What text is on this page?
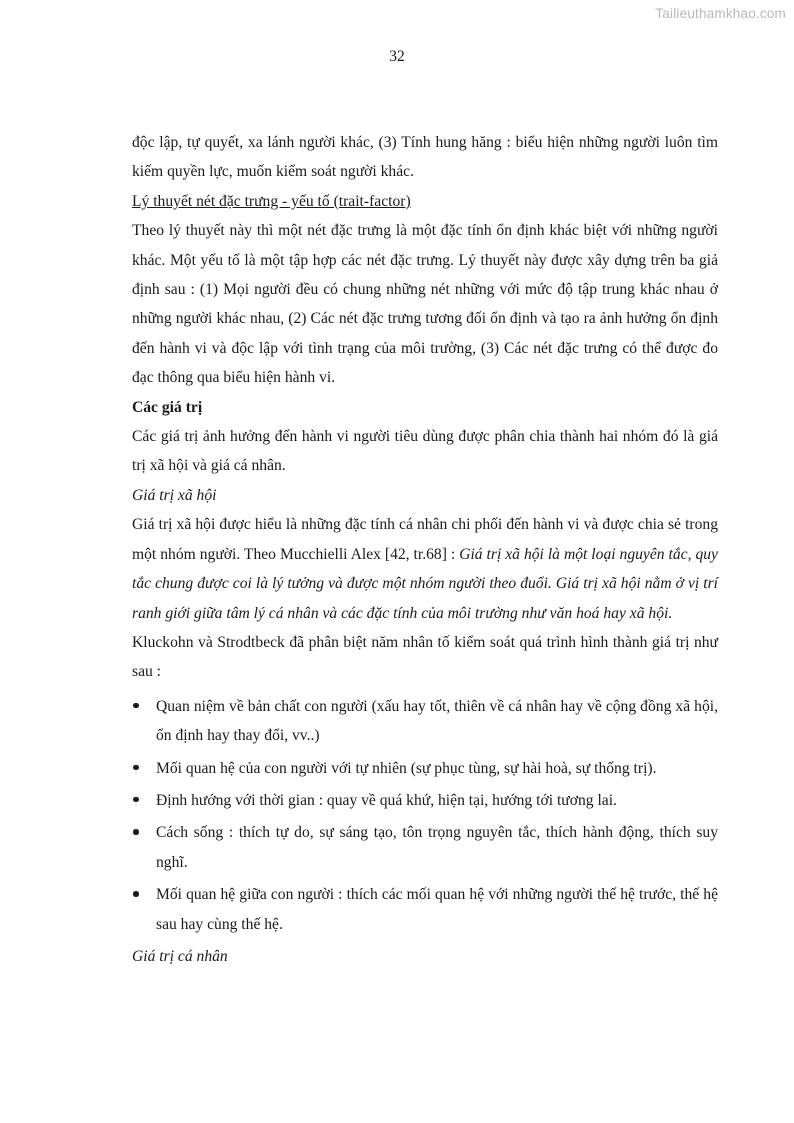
Tailieuthamkhao.com
32

độc lập, tự quyết, xa lánh người khác, (3) Tính hung hăng : biểu hiện những người luôn tìm kiếm quyền lực, muốn kiểm soát người khác.

Lý thuyết nét đặc trưng - yếu tố (trait-factor)

Theo lý thuyết này thì một nét đặc trưng là một đặc tính ổn định khác biệt với những người khác. Một yếu tố là một tập hợp các nét đặc trưng. Lý thuyết này được xây dựng trên ba giả định sau : (1) Mọi người đều có chung những nét những với mức độ tập trung khác nhau ở những người khác nhau, (2) Các nét đặc trưng tương đối ổn định và tạo ra ảnh hưởng ổn định đến hành vi và độc lập với tình trạng của môi trường, (3) Các nét đặc trưng có thể được đo đạc thông qua biểu hiện hành vi.

Các giá trị

Các giá trị ảnh hưởng đến hành vi người tiêu dùng được phân chia thành hai nhóm đó là giá trị xã hội và giá cá nhân.

Giá trị xã hội

Giá trị xã hội được hiểu là những đặc tính cá nhân chi phối đến hành vi và được chia sẻ trong một nhóm người. Theo Mucchielli Alex [42, tr.68] : Giá trị xã hội là một loại nguyên tắc, quy tắc chung được coi là lý tưởng và được một nhóm người theo đuổi. Giá trị xã hội nằm ở vị trí ranh giới giữa tâm lý cá nhân và các đặc tính của môi trường như văn hoá hay xã hội.

Kluckohn và Strodtbeck đã phân biệt năm nhân tố kiểm soát quá trình hình thành giá trị như sau :

Quan niệm về bản chất con người (xấu hay tốt, thiên về cá nhân hay về cộng đồng xã hội, ổn định hay thay đổi, vv..)
Mối quan hệ của con người với tự nhiên (sự phục tùng, sự hài hoà, sự thống trị).
Định hướng với thời gian : quay về quá khứ, hiện tại, hướng tới tương lai.
Cách sống : thích tự do, sự sáng tạo, tôn trọng nguyên tắc, thích hành động, thích suy nghĩ.
Mối quan hệ giữa con người : thích các mối quan hệ với những người thế hệ trước, thế hệ sau hay cùng thế hệ.

Giá trị cá nhân
